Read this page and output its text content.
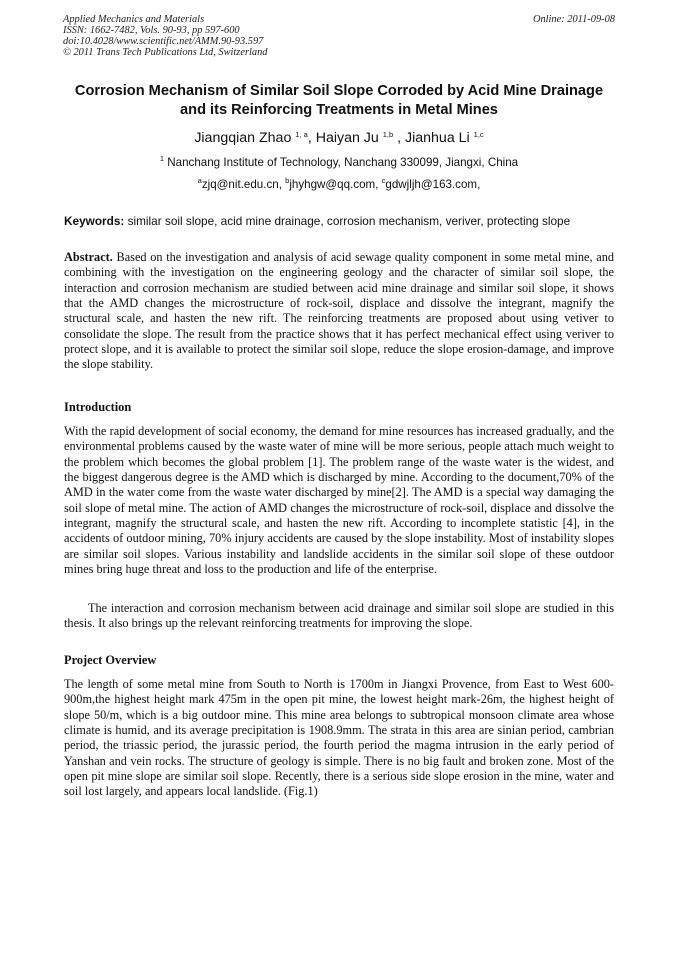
Applied Mechanics and Materials
ISSN: 1662-7482, Vols. 90-93, pp 597-600
doi:10.4028/www.scientific.net/AMM.90-93.597
© 2011 Trans Tech Publications Ltd, Switzerland
Online: 2011-09-08
Corrosion Mechanism of Similar Soil Slope Corroded by Acid Mine Drainage and its Reinforcing Treatments in Metal Mines
Jiangqian Zhao $^{1, a}$, Haiyan Ju $^{1,b}$ , Jianhua Li $^{1,c}$
$^1$ Nanchang Institute of Technology, Nanchang 330099, Jiangxi, China
$^a$zjq@nit.edu.cn, $^b$jhyhgw@qq.com, $^c$gdwjljh@163.com,
Keywords: similar soil slope, acid mine drainage, corrosion mechanism, veriver, protecting slope
Abstract. Based on the investigation and analysis of acid sewage quality component in some metal mine, and combining with the investigation on the engineering geology and the character of similar soil slope, the interaction and corrosion mechanism are studied between acid mine drainage and similar soil slope, it shows that the AMD changes the microstructure of rock-soil, displace and dissolve the integrant, magnify the structural scale, and hasten the new rift. The reinforcing treatments are proposed about using vetiver to consolidate the slope. The result from the practice shows that it has perfect mechanical effect using veriver to protect slope, and it is available to protect the similar soil slope, reduce the slope erosion-damage, and improve the slope stability.
Introduction
With the rapid development of social economy, the demand for mine resources has increased gradually, and the environmental problems caused by the waste water of mine will be more serious, people attach much weight to the problem which becomes the global problem [1]. The problem range of the waste water is the widest, and the biggest dangerous degree is the AMD which is discharged by mine. According to the document,70% of the AMD in the water come from the waste water discharged by mine[2]. The AMD is a special way damaging the soil slope of metal mine. The action of AMD changes the microstructure of rock-soil, displace and dissolve the integrant, magnify the structural scale, and hasten the new rift. According to incomplete statistic [4], in the accidents of outdoor mining, 70% injury accidents are caused by the slope instability. Most of instability slopes are similar soil slopes. Various instability and landslide accidents in the similar soil slope of these outdoor mines bring huge threat and loss to the production and life of the enterprise.
The interaction and corrosion mechanism between acid drainage and similar soil slope are studied in this thesis. It also brings up the relevant reinforcing treatments for improving the slope.
Project Overview
The length of some metal mine from South to North is 1700m in Jiangxi Provence, from East to West 600-900m,the highest height mark 475m in the open pit mine, the lowest height mark-26m, the highest height of slope 50/m, which is a big outdoor mine. This mine area belongs to subtropical monsoon climate area whose climate is humid, and its average precipitation is 1908.9mm. The strata in this area are sinian period, cambrian period, the triassic period, the jurassic period, the fourth period the magma intrusion in the early period of Yanshan and vein rocks. The structure of geology is simple. There is no big fault and broken zone. Most of the open pit mine slope are similar soil slope. Recently, there is a serious side slope erosion in the mine, water and soil lost largely, and appears local landslide. (Fig.1)
